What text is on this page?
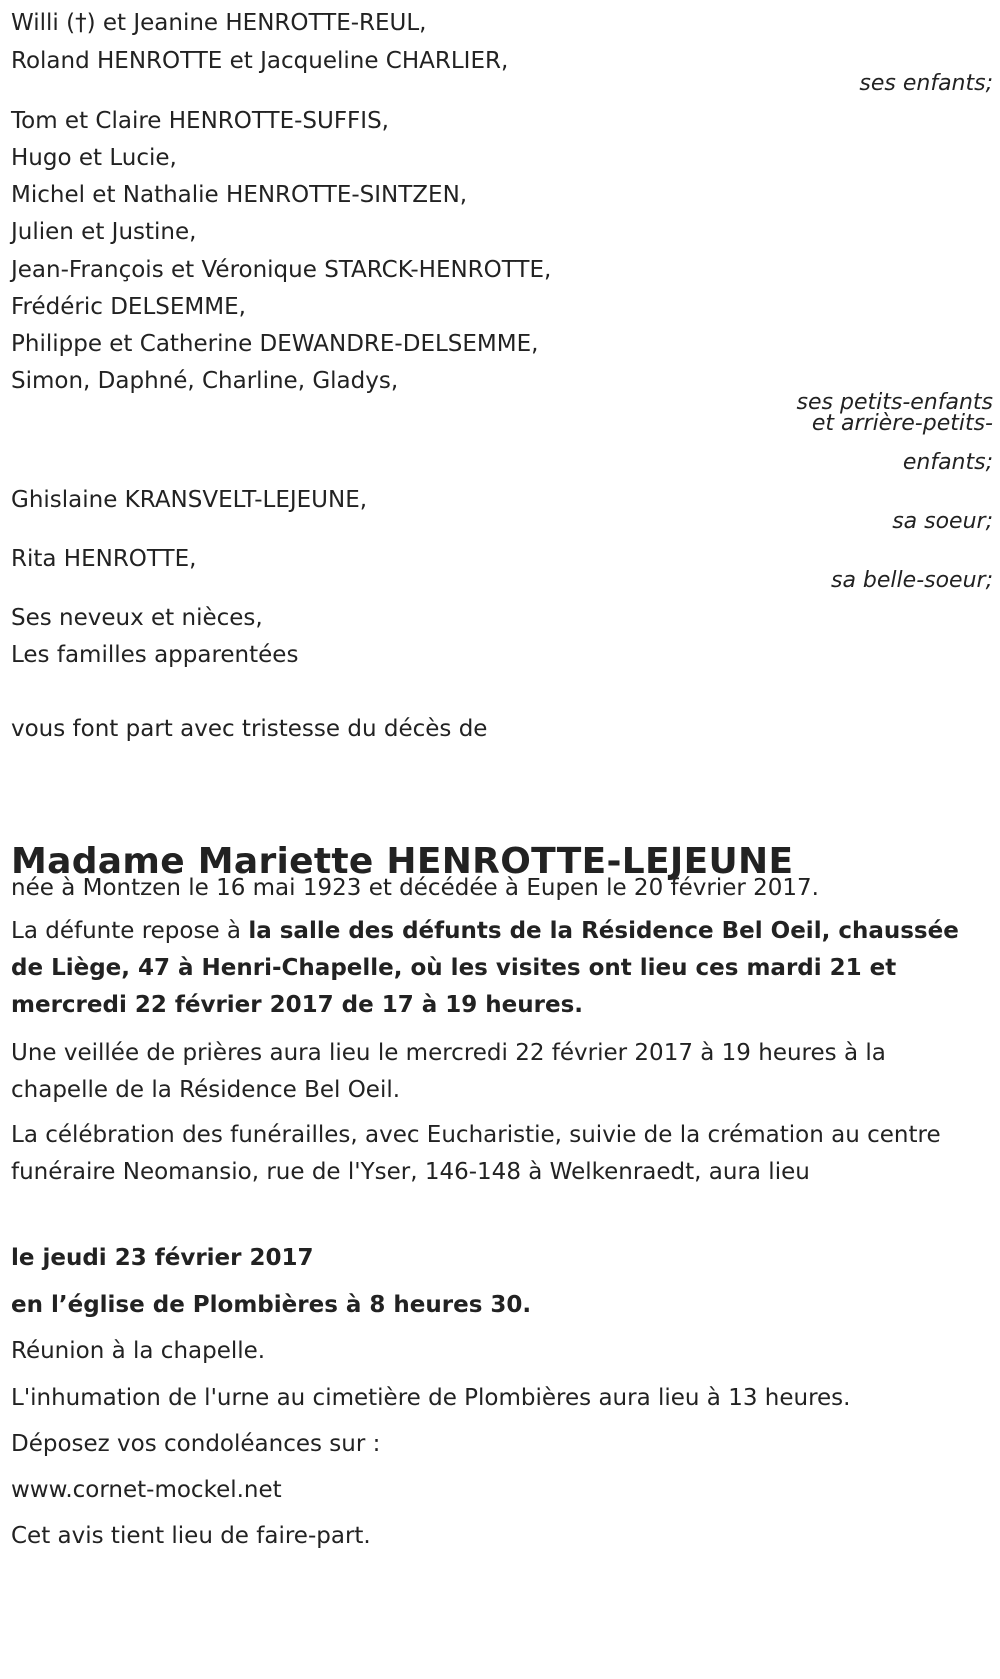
Willi (†) et Jeanine HENROTTE-REUL,
Roland HENROTTE et Jacqueline CHARLIER,
ses enfants;
Tom et Claire HENROTTE-SUFFIS,
Hugo et Lucie,
Michel et Nathalie HENROTTE-SINTZEN,
Julien et Justine,
Jean-François et Véronique STARCK-HENROTTE,
Frédéric DELSEMME,
Philippe et Catherine DEWANDRE-DELSEMME,
Simon, Daphné, Charline, Gladys,
ses petits-enfants
et arrière-petits-
enfants;
Ghislaine KRANSVELT-LEJEUNE,
sa soeur;
Rita HENROTTE,
sa belle-soeur;
Ses neveux et nièces,
Les familles apparentées
vous font part avec tristesse du décès de
Madame Mariette HENROTTE-LEJEUNE
née à Montzen le 16 mai 1923 et décédée à Eupen le 20 février 2017.
La défunte repose à la salle des défunts de la Résidence Bel Oeil, chaussée de Liège, 47 à Henri-Chapelle, où les visites ont lieu ces mardi 21 et mercredi 22 février 2017 de 17 à 19 heures.
Une veillée de prières aura lieu le mercredi 22 février 2017 à 19 heures à la chapelle de la Résidence Bel Oeil.
La célébration des funérailles, avec Eucharistie, suivie de la crémation au centre funéraire Neomansio, rue de l'Yser, 146-148 à Welkenraedt, aura lieu
le jeudi 23 février 2017
en l’église de Plombières à 8 heures 30.
Réunion à la chapelle.
L'inhumation de l'urne au cimetière de Plombières aura lieu à 13 heures.
Déposez vos condoléances sur :
www.cornet-mockel.net
Cet avis tient lieu de faire-part.
